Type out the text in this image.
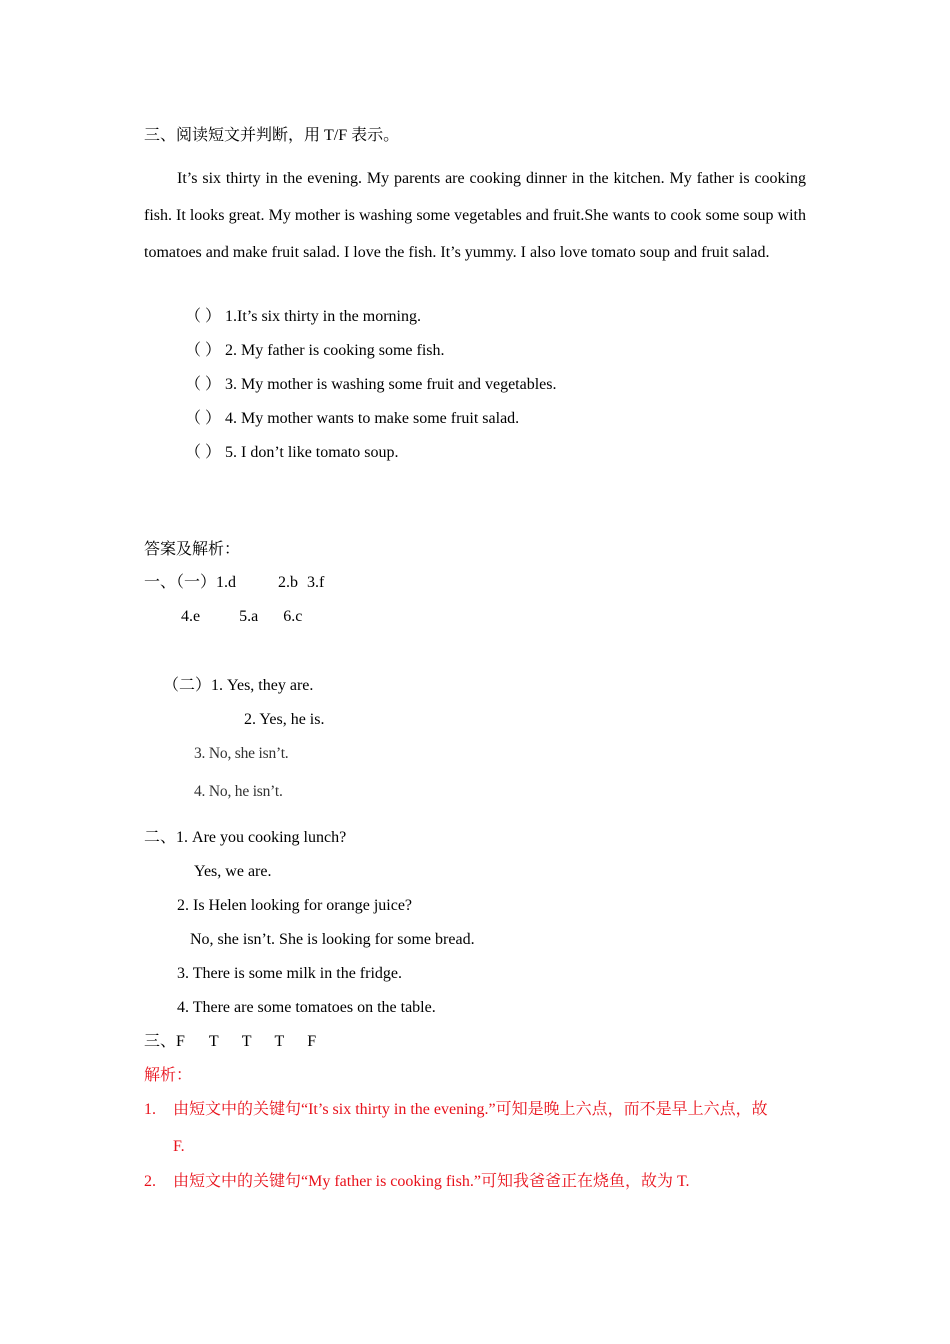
三、阅读短文并判断，用 T/F 表示。
It’s six thirty in the evening. My parents are cooking dinner in the kitchen. My father is cooking fish. It looks great. My mother is washing some vegetables and fruit.She wants to cook some soup with tomatoes and make fruit salad. I love the fish. It’s yummy. I also love tomato soup and fruit salad.
（ ） 1.It’s six thirty in the morning.
（ ） 2. My father is cooking some fish.
（ ） 3. My mother is washing some fruit and vegetables.
（ ） 4. My mother wants to make some fruit salad.
（ ） 5. I don’t like tomato soup.
答案及解析：
一、（一）1.d	2.b 3.f
4.e 5.a 6.c
（二）1. Yes, they are.
2. Yes, he is.
3. No, she isn’t.
4. No, he isn’t.
二、1. Are you cooking lunch?
Yes, we are.
2. Is Helen looking for orange juice?
No, she isn’t. She is looking for some bread.
3. There is some milk in the fridge.
4. There are some tomatoes on the table.
三、F T T T F
解析：
1. 由短文中的关键句“It’s six thirty in the evening.”可知是晚上六点，而不是早上六点，故
F.
2. 由短文中的关键句“My father is cooking fish.”可知我爸爸正在烧鱼，故为 T.
